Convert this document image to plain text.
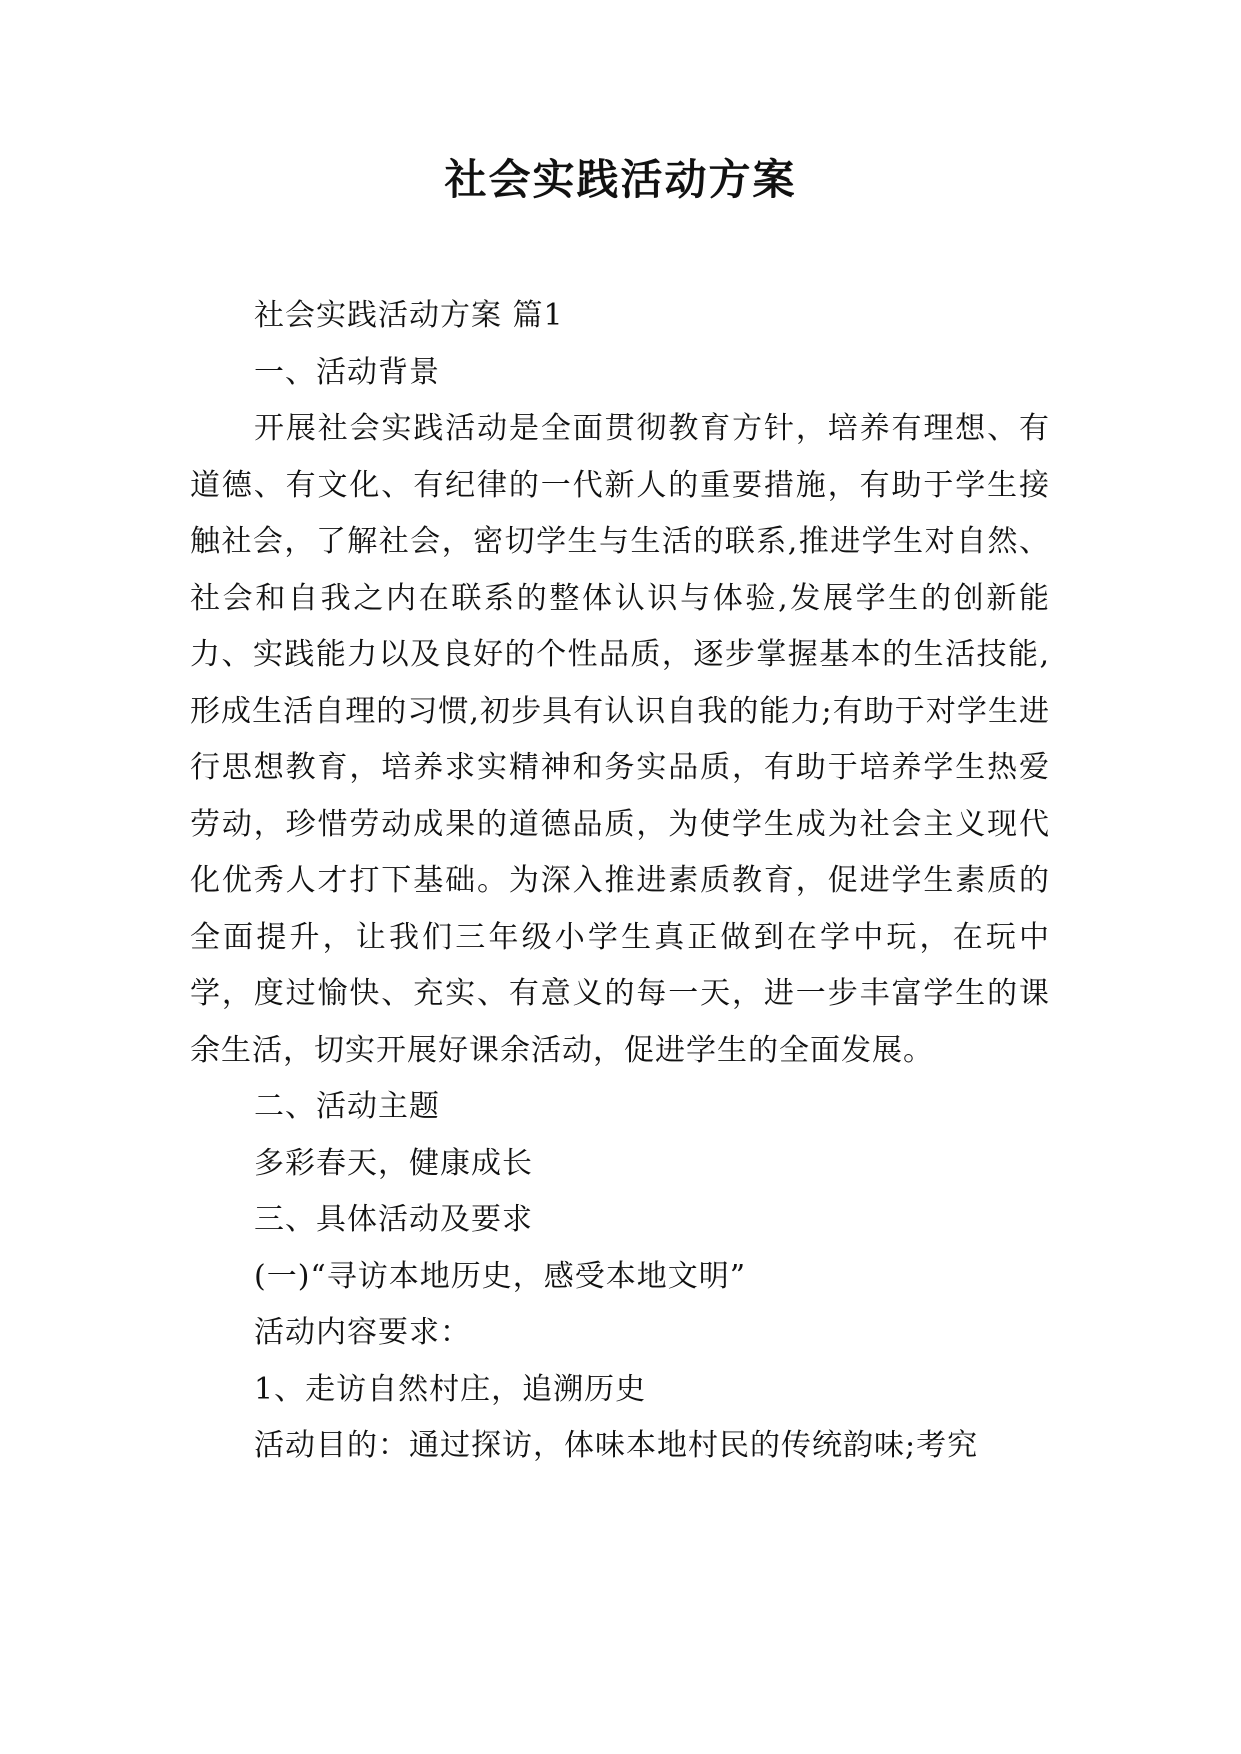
社会实践活动方案

社会实践活动方案 篇1

一、活动背景

开展社会实践活动是全面贯彻教育方针，培养有理想、有道德、有文化、有纪律的一代新人的重要措施，有助于学生接触社会，了解社会，密切学生与生活的联系,推进学生对自然、社会和自我之内在联系的整体认识与体验,发展学生的创新能力、实践能力以及良好的个性品质，逐步掌握基本的生活技能,形成生活自理的习惯,初步具有认识自我的能力;有助于对学生进行思想教育，培养求实精神和务实品质，有助于培养学生热爱劳动，珍惜劳动成果的道德品质，为使学生成为社会主义现代化优秀人才打下基础。为深入推进素质教育，促进学生素质的全面提升，让我们三年级小学生真正做到在学中玩，在玩中学，度过愉快、充实、有意义的每一天，进一步丰富学生的课余生活，切实开展好课余活动，促进学生的全面发展。

二、活动主题

多彩春天，健康成长

三、具体活动及要求

(一)“寻访本地历史，感受本地文明”

活动内容要求：

1、走访自然村庄，追溯历史

活动目的：通过探访，体味本地村民的传统韵味;考究
